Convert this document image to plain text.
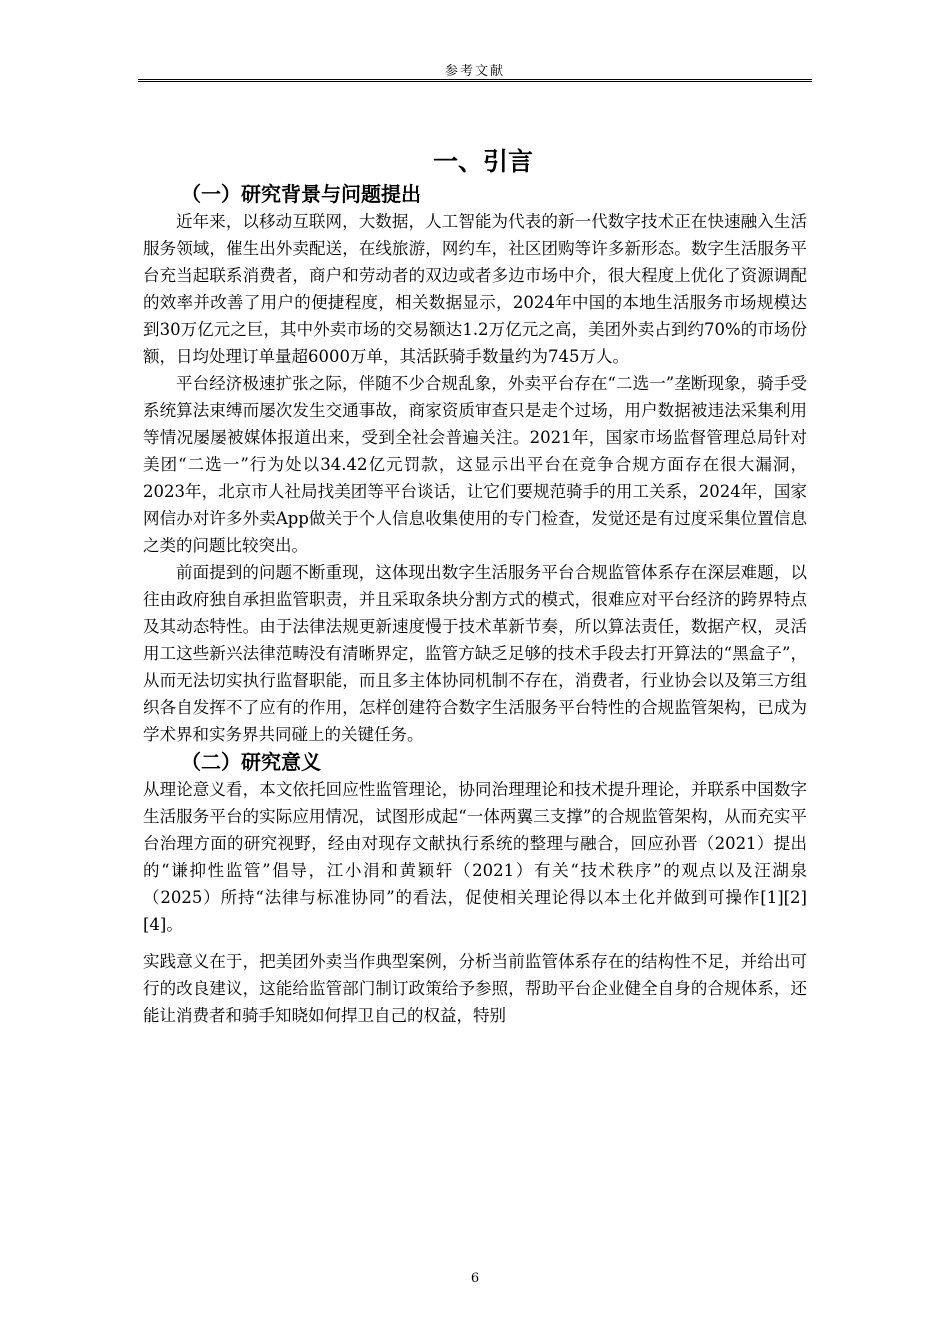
参考文献
一、引言
（一）研究背景与问题提出

近年来，以移动互联网，大数据，人工智能为代表的新一代数字技术正在快速融入生活服务领域，催生出外卖配送，在线旅游，网约车，社区团购等许多新形态。数字生活服务平台充当起联系消费者，商户和劳动者的双边或者多边市场中介，很大程度上优化了资源调配的效率并改善了用户的便捷程度，相关数据显示，2024年中国的本地生活服务市场规模达到30万亿元之巨，其中外卖市场的交易额达1.2万亿元之高，美团外卖占到约70%的市场份额，日均处理订单量超6000万单，其活跃骑手数量约为745万人。

平台经济极速扩张之际，伴随不少合规乱象，外卖平台存在“二选一”垄断现象，骑手受系统算法束缚而屡次发生交通事故，商家资质审查只是走个过场，用户数据被违法采集利用等情况屡屡被媒体报道出来，受到全社会普遍关注。2021年，国家市场监督管理总局针对美团“二选一”行为处以34.42亿元罚款，这显示出平台在竞争合规方面存在很大漏洞，2023年，北京市人社局找美团等平台谈话，让它们要规范骑手的用工关系，2024年，国家网信办对许多外卖App做关于个人信息收集使用的专门检查，发觉还是有过度采集位置信息之类的问题比较突出。

前面提到的问题不断重现，这体现出数字生活服务平台合规监管体系存在深层难题，以往由政府独自承担监管职责，并且采取条块分割方式的模式，很难应对平台经济的跨界特点及其动态特性。由于法律法规更新速度慢于技术革新节奏，所以算法责任，数据产权，灵活用工这些新兴法律范畴没有清晰界定，监管方缺乏足够的技术手段去打开算法的“黑盒子”，从而无法切实执行监督职能，而且多主体协同机制不存在，消费者，行业协会以及第三方组织各自发挥不了应有的作用，怎样创建符合数字生活服务平台特性的合规监管架构，已成为学术界和实务界共同碰上的关键任务。

（二）研究意义

从理论意义看，本文依托回应性监管理论，协同治理理论和技术提升理论，并联系中国数字生活服务平台的实际应用情况，试图形成起“一体两翼三支撑”的合规监管架构，从而充实平台治理方面的研究视野，经由对现存文献执行系统的整理与融合，回应孙晋（2021）提出的“谦抑性监管”倡导，江小涓和黄颖轩（2021）有关“技术秩序”的观点以及汪湖泉（2025）所持“法律与标准协同”的看法，促使相关理论得以本土化并做到可操作[1][2][4]。

实践意义在于，把美团外卖当作典型案例，分析当前监管体系存在的结构性不足，并给出可行的改良建议，这能给监管部门制订政策给予参照，帮助平台企业健全自身的合规体系，还能让消费者和骑手知晓如何捍卫自己的权益，特别

6
